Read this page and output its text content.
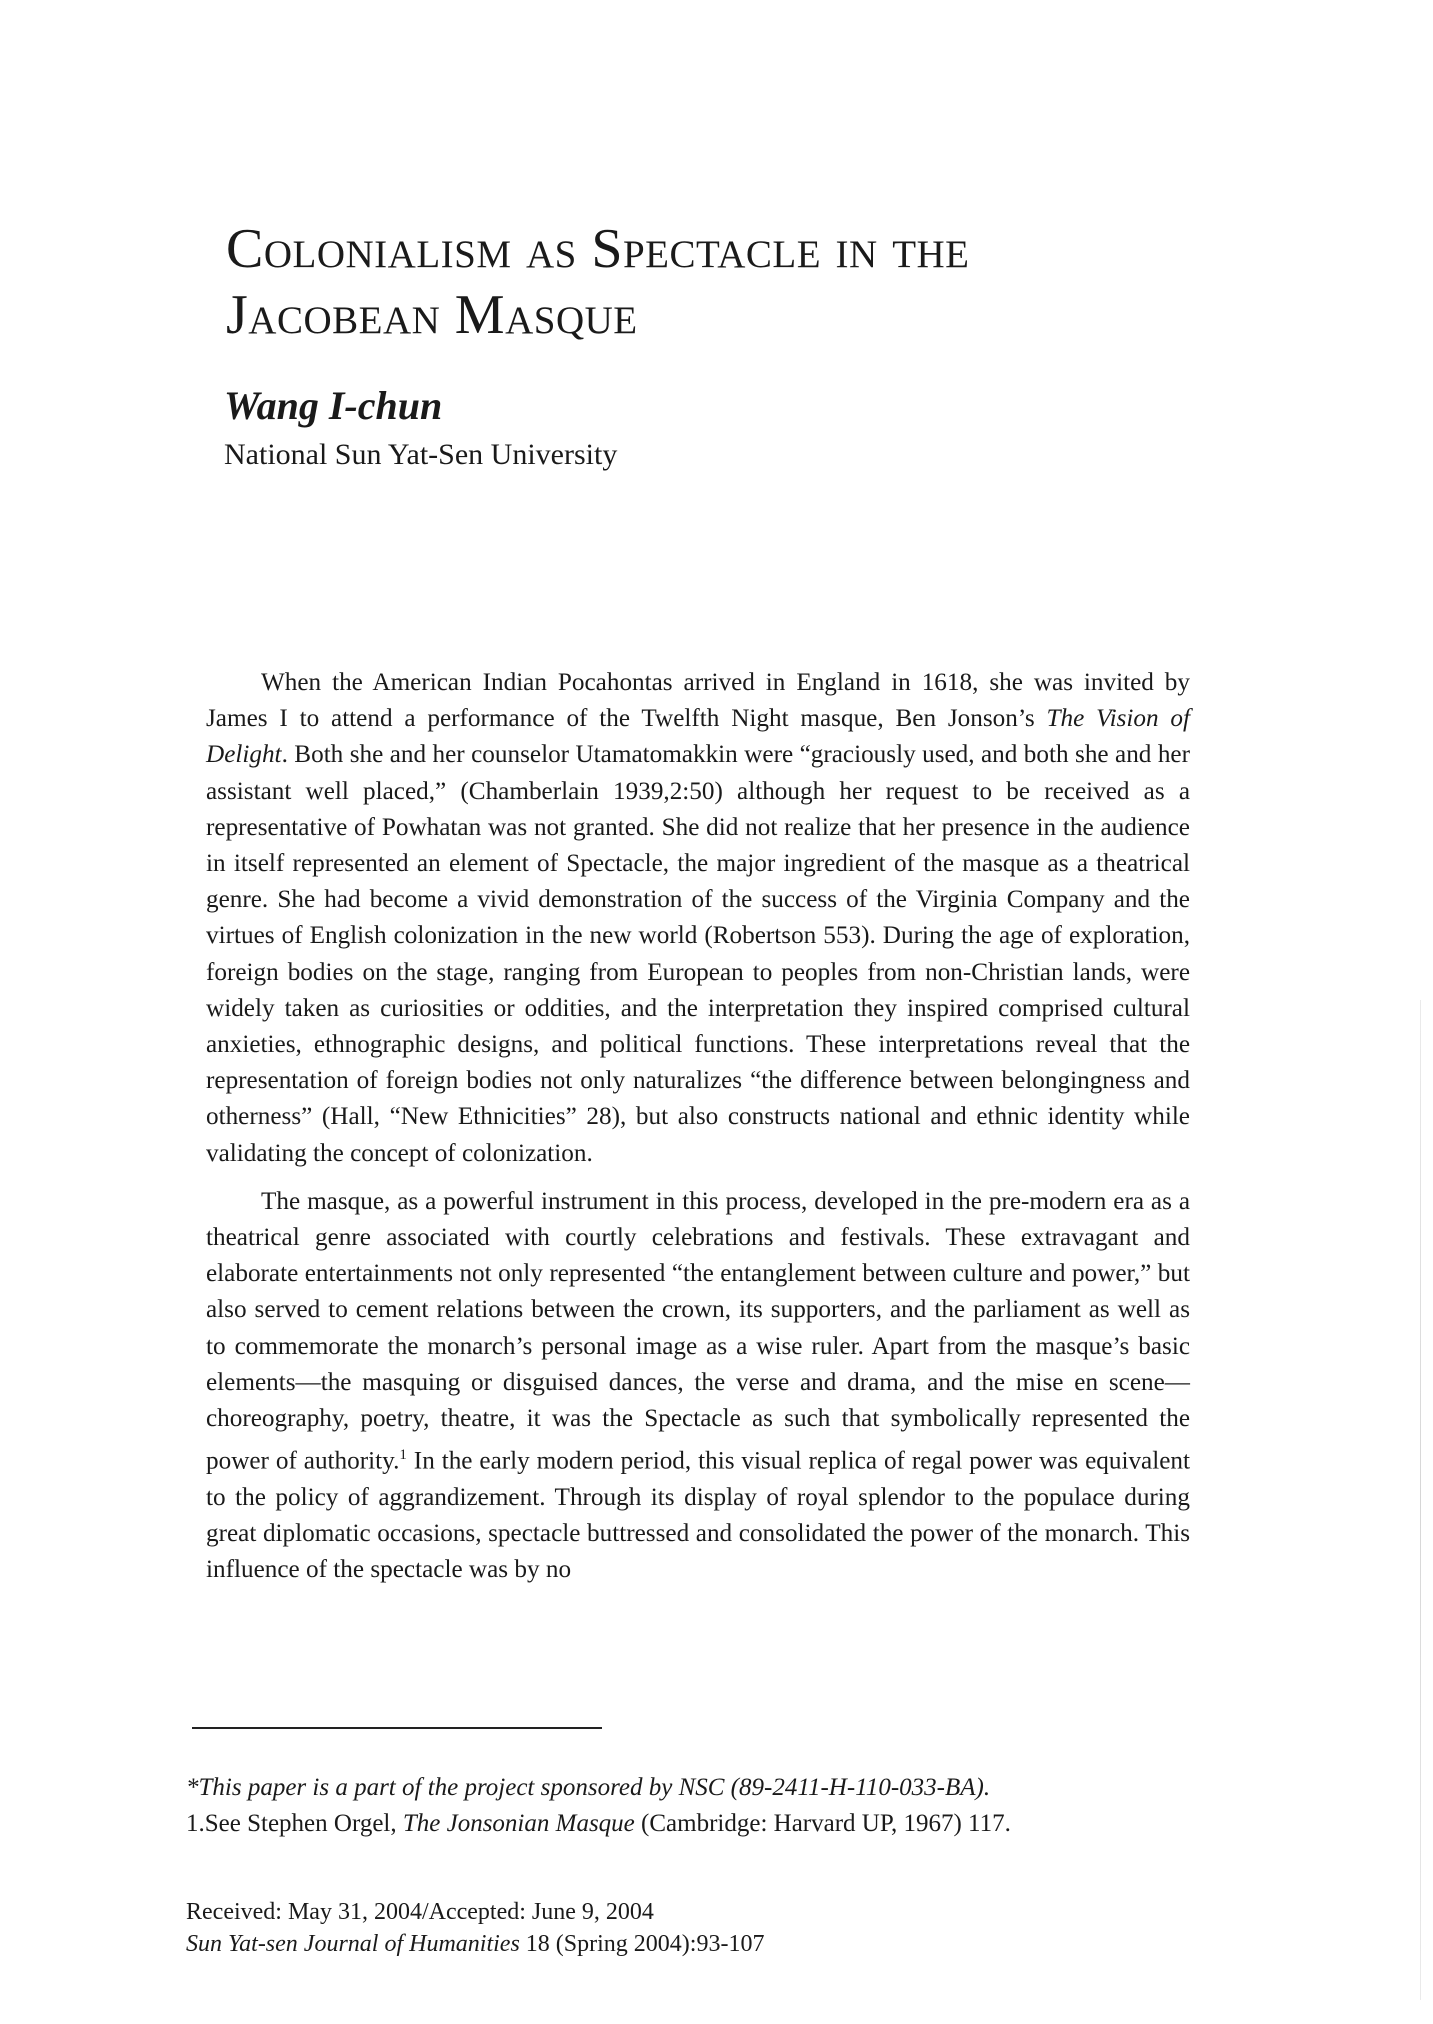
Colonialism as Spectacle in the
Jacobean Masque
Wang I-chun
National Sun Yat-Sen University

When the American Indian Pocahontas arrived in England in 1618, she was invited by James I to attend a performance of the Twelfth Night masque, Ben Jonson’s The Vision of Delight. Both she and her counselor Utamatomakkin were “graciously used, and both she and her assistant well placed,” (Chamberlain 1939,2:50) although her request to be received as a representative of Powhatan was not granted. She did not realize that her presence in the audience in itself represented an element of Spectacle, the major ingredient of the masque as a theatrical genre. She had become a vivid demonstration of the success of the Virginia Company and the virtues of English colonization in the new world (Robertson 553). During the age of exploration, foreign bodies on the stage, ranging from European to peoples from non-Christian lands, were widely taken as curiosities or oddities, and the interpretation they inspired comprised cultural anxieties, ethnographic designs, and political functions. These interpretations reveal that the representation of foreign bodies not only naturalizes “the difference between belongingness and otherness” (Hall, “New Ethnicities” 28), but also constructs national and ethnic identity while validating the concept of colonization.

The masque, as a powerful instrument in this process, developed in the pre-modern era as a theatrical genre associated with courtly celebrations and festivals. These extravagant and elaborate entertainments not only represented “the entanglement between culture and power,” but also served to cement relations between the crown, its supporters, and the parliament as well as to commemorate the monarch’s personal image as a wise ruler. Apart from the masque’s basic elements—the masquing or disguised dances, the verse and drama, and the mise en scene—choreography, poetry, theatre, it was the Spectacle as such that symbolically represented the power of authority.$^1$ In the early modern period, this visual replica of regal power was equivalent to the policy of aggrandizement. Through its display of royal splendor to the populace during great diplomatic occasions, spectacle buttressed and consolidated the power of the monarch. This influence of the spectacle was by no

*This paper is a part of the project sponsored by NSC (89-2411-H-110-033-BA).
1.See Stephen Orgel, The Jonsonian Masque (Cambridge: Harvard UP, 1967) 117.
Received: May 31, 2004/Accepted: June 9, 2004
Sun Yat-sen Journal of Humanities 18 (Spring 2004):93-107
